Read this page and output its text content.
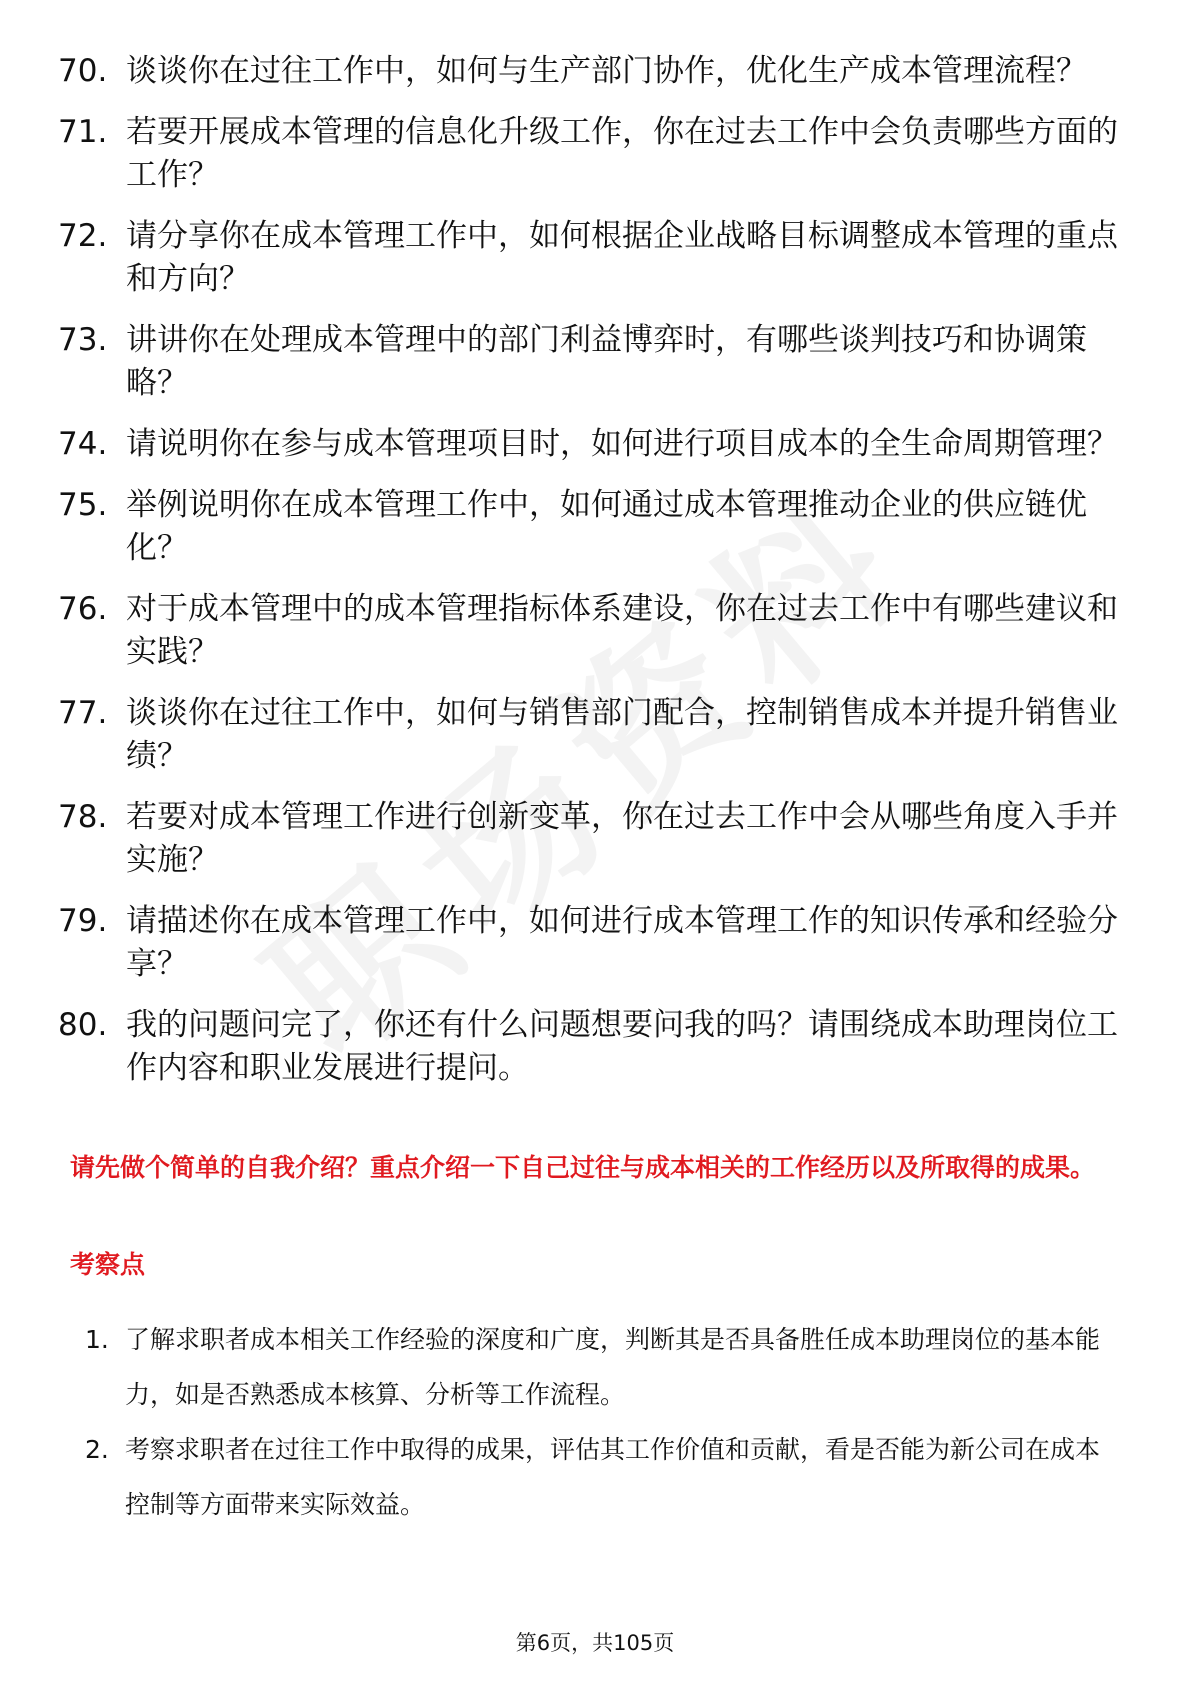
70. 谈谈你在过往工作中，如何与生产部门协作，优化生产成本管理流程？
71. 若要开展成本管理的信息化升级工作，你在过去工作中会负责哪些方面的工作？
72. 请分享你在成本管理工作中，如何根据企业战略目标调整成本管理的重点和方向？
73. 讲讲你在处理成本管理中的部门利益博弈时，有哪些谈判技巧和协调策略？
74. 请说明你在参与成本管理项目时，如何进行项目成本的全生命周期管理？
75. 举例说明你在成本管理工作中，如何通过成本管理推动企业的供应链优化？
76. 对于成本管理中的成本管理指标体系建设，你在过去工作中有哪些建议和实践？
77. 谈谈你在过往工作中，如何与销售部门配合，控制销售成本并提升销售业绩？
78. 若要对成本管理工作进行创新变革，你在过去工作中会从哪些角度入手并实施？
79. 请描述你在成本管理工作中，如何进行成本管理工作的知识传承和经验分享？
80. 我的问题问完了，你还有什么问题想要问我的吗？请围绕成本助理岗位工作内容和职业发展进行提问。

请先做个简单的自我介绍？重点介绍一下自己过往与成本相关的工作经历以及所取得的成果。

考察点
1. 了解求职者成本相关工作经验的深度和广度，判断其是否具备胜任成本助理岗位的基本能力，如是否熟悉成本核算、分析等工作流程。
2. 考察求职者在过往工作中取得的成果，评估其工作价值和贡献，看是否能为新公司在成本控制等方面带来实际效益。
第6页，共105页
